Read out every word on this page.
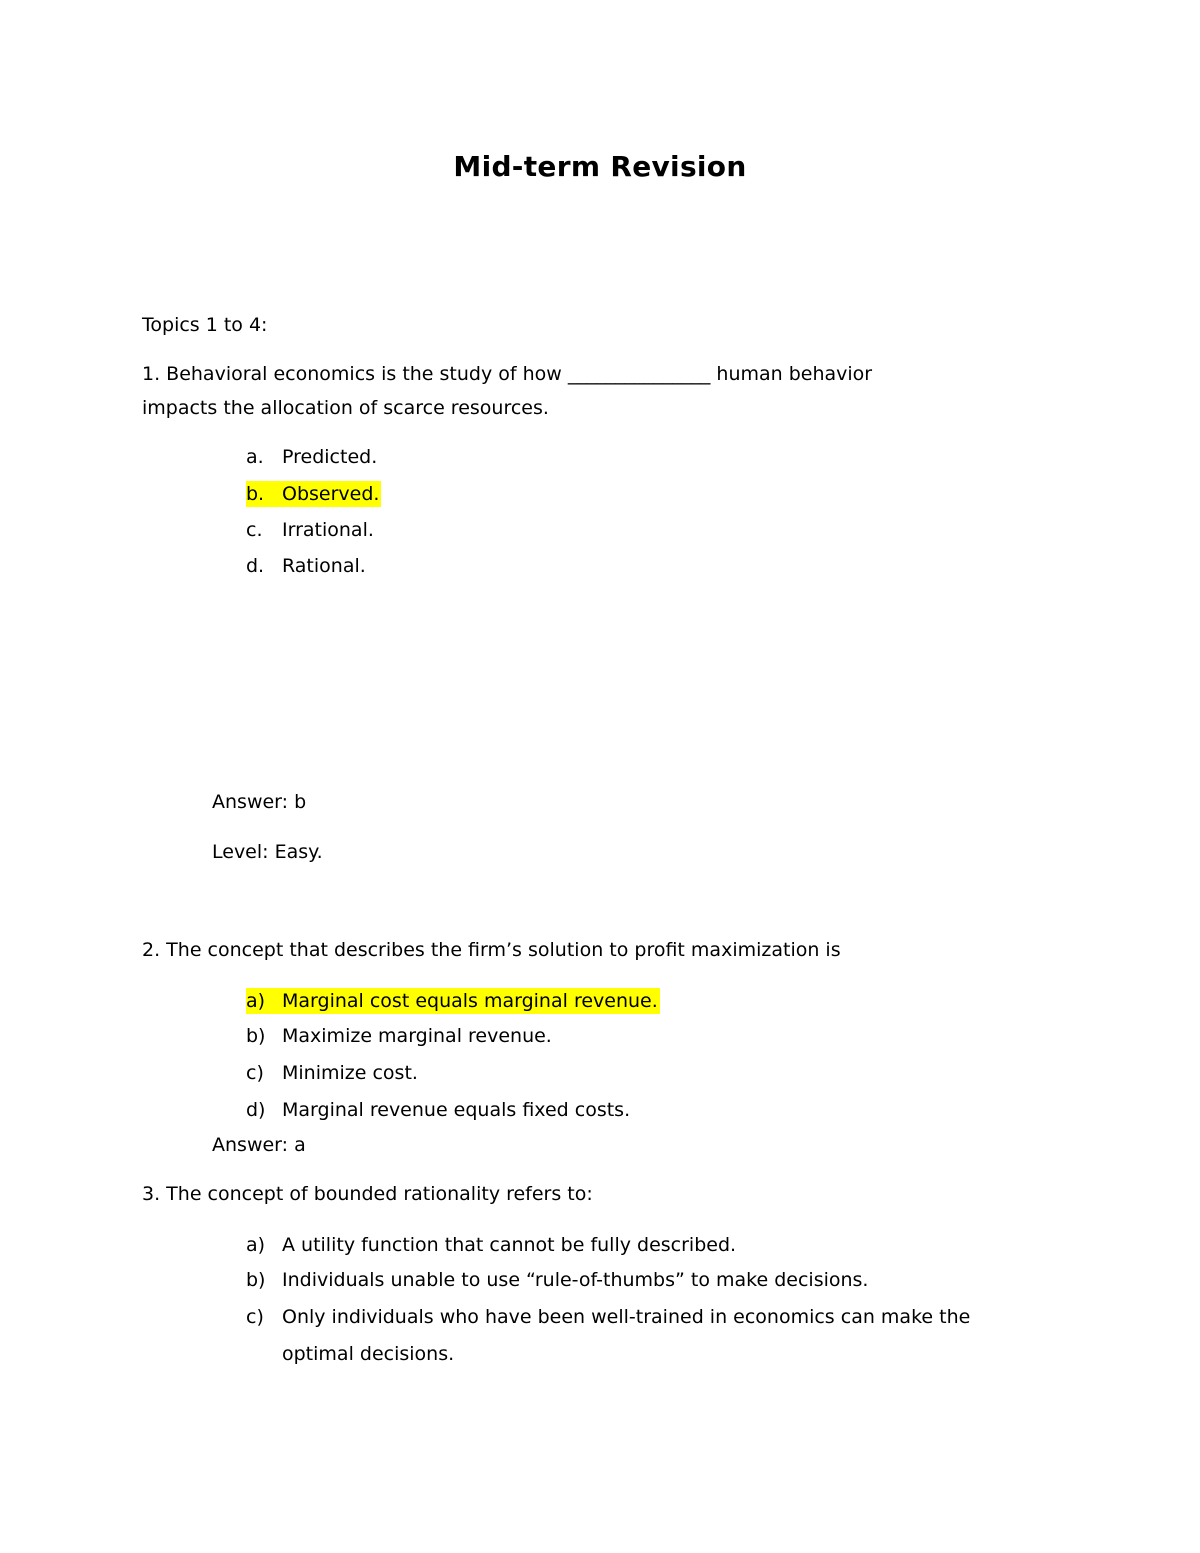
Mid-term Revision
Topics 1 to 4:
1. Behavioral economics is the study of how _______________ human behavior
impacts the allocation of scarce resources.
a. Predicted.
b. Observed.
c. Irrational.
d. Rational.
Answer: b
Level: Easy.
2. The concept that describes the firm’s solution to profit maximization is
a) Marginal cost equals marginal revenue.
b) Maximize marginal revenue.
c) Minimize cost.
d) Marginal revenue equals fixed costs.
Answer: a
3. The concept of bounded rationality refers to:
a) A utility function that cannot be fully described.
b) Individuals unable to use “rule-of-thumbs” to make decisions.
c) Only individuals who have been well-trained in economics can make the
optimal decisions.
